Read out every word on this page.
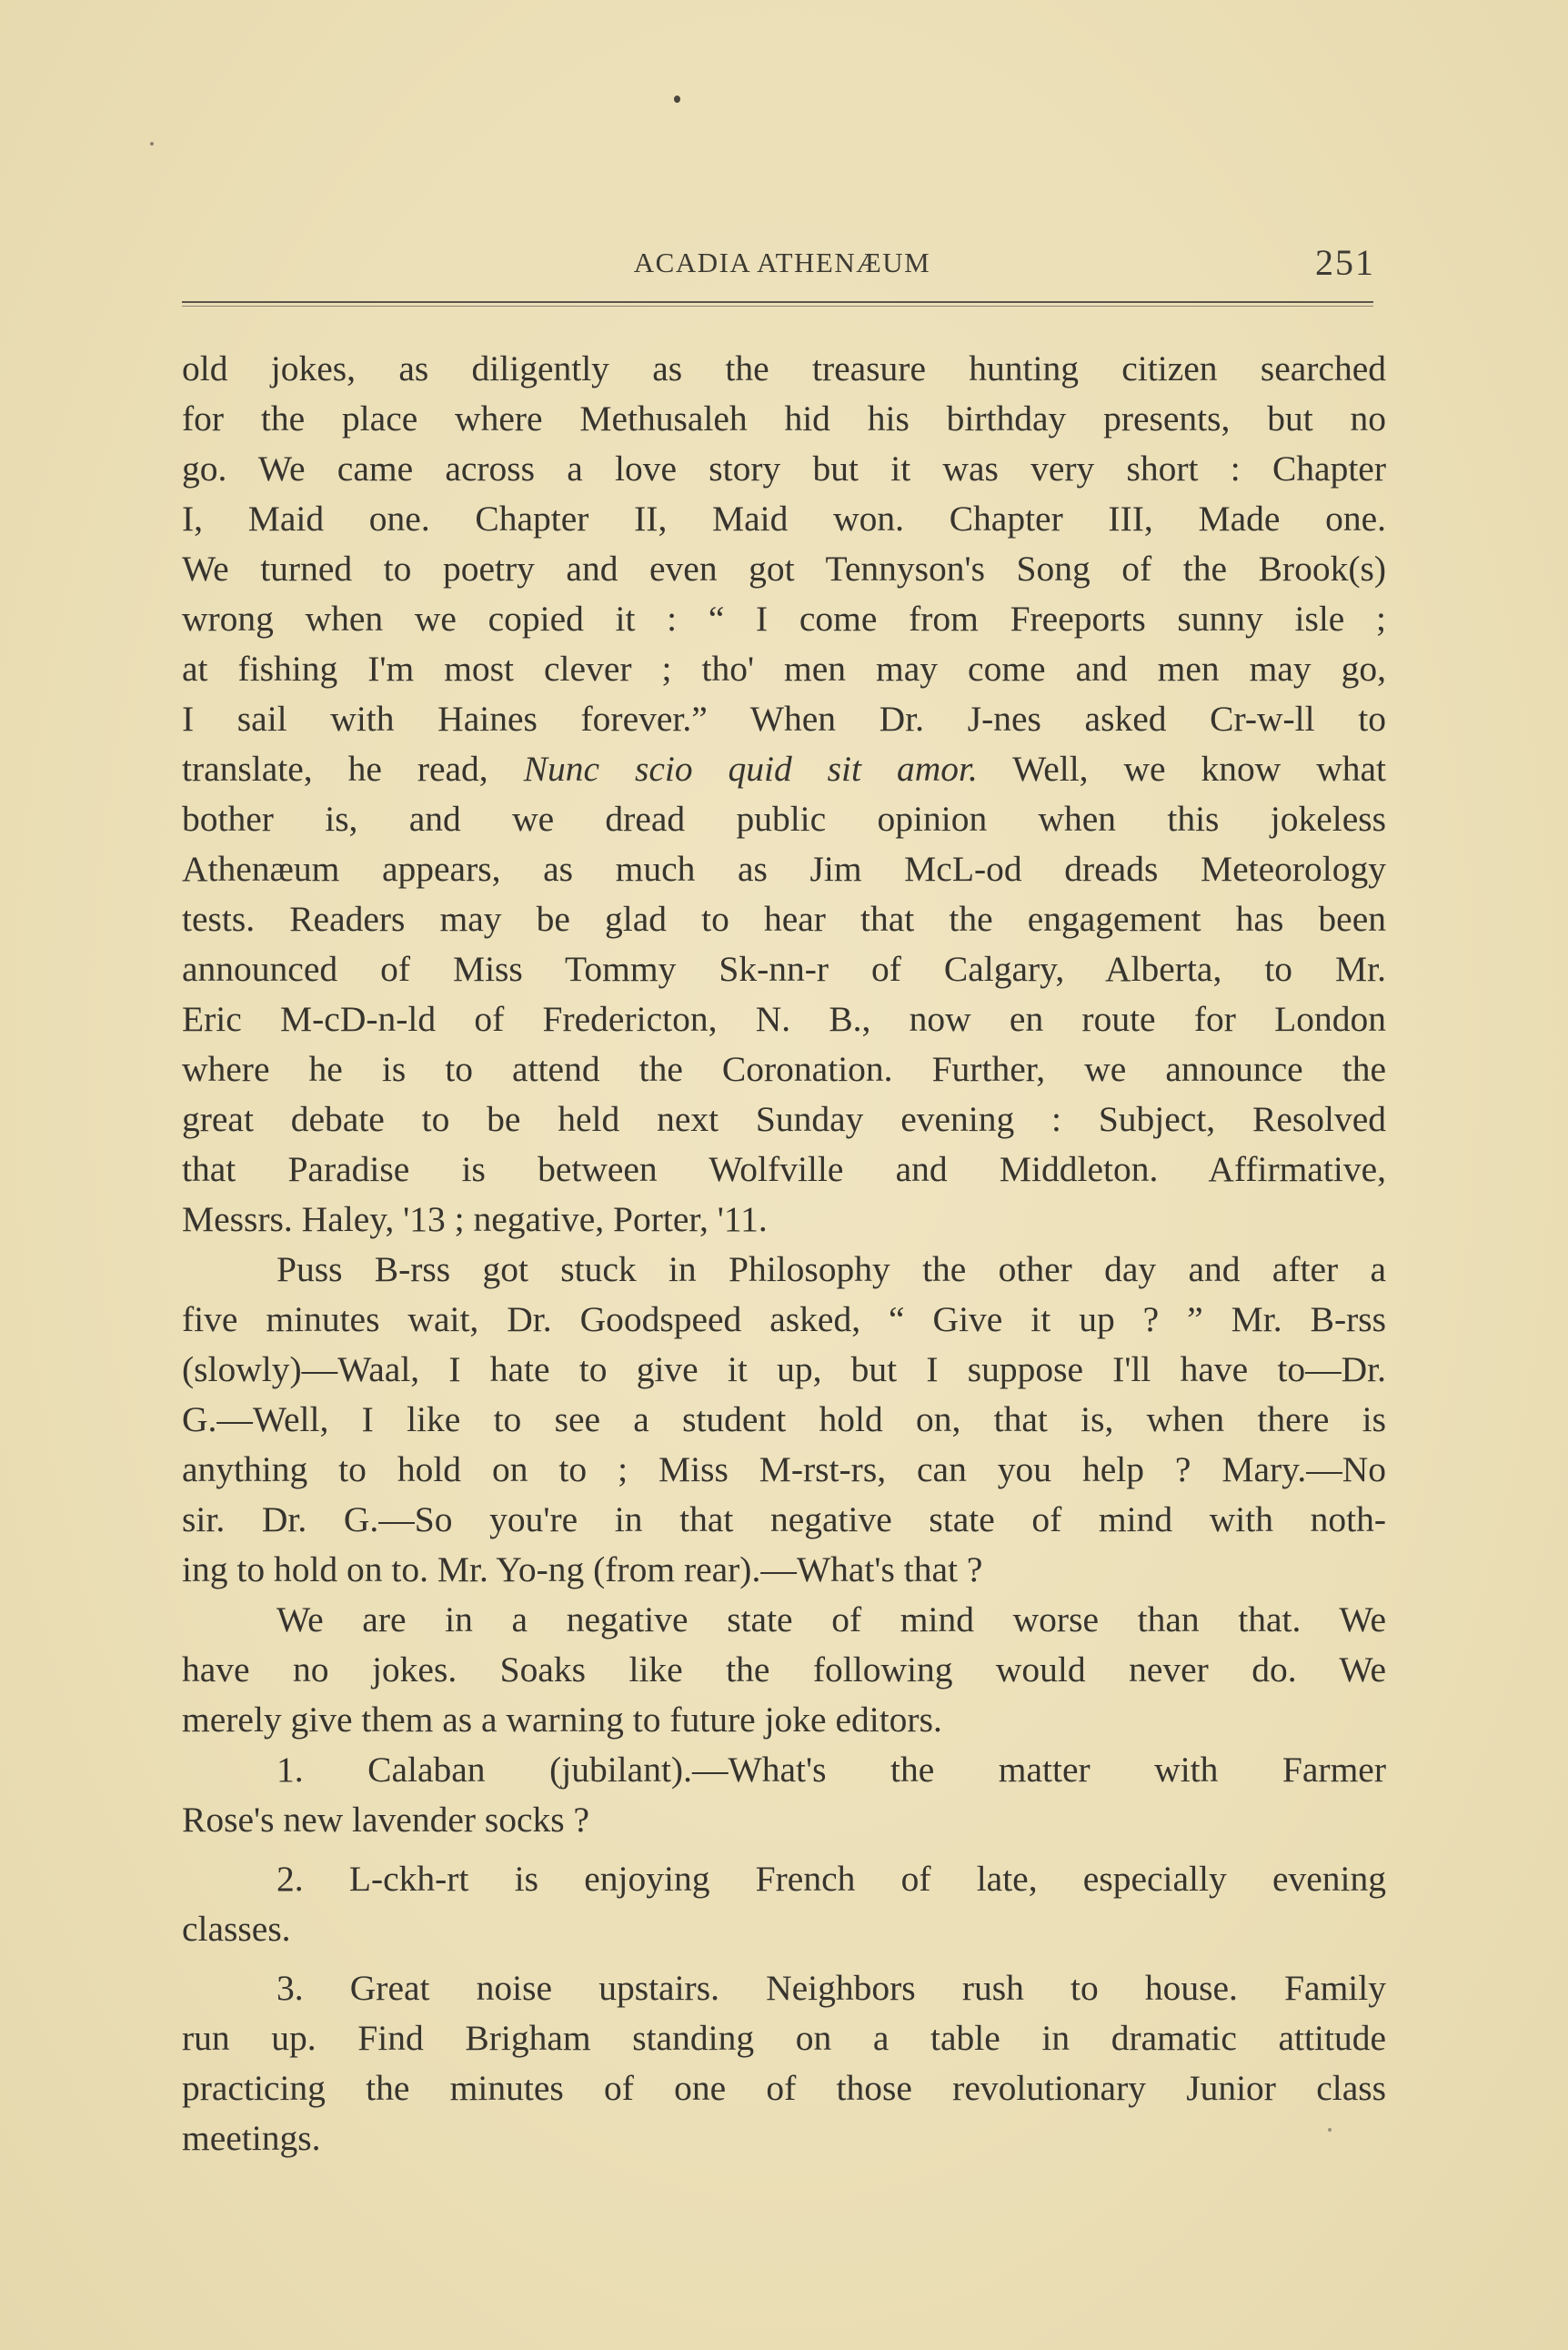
ACADIA ATHENÆUM	251
old jokes, as diligently as the treasure hunting citizen searched
for the place where Methusaleh hid his birthday presents, but no
go. We came across a love story but it was very short : Chapter
I, Maid one. Chapter II, Maid won. Chapter III, Made one.
We turned to poetry and even got Tennyson's Song of the Brook(s)
wrong when we copied it : “ I come from Freeports sunny isle ;
at fishing I'm most clever ; tho' men may come and men may go,
I sail with Haines forever.” When Dr. J-nes asked Cr-w-ll to
translate, he read, Nunc scio quid sit amor. Well, we know what
bother is, and we dread public opinion when this jokeless
Athenæum appears, as much as Jim McL-od dreads Meteorology
tests. Readers may be glad to hear that the engagement has been
announced of Miss Tommy Sk-nn-r of Calgary, Alberta, to Mr.
Eric M-cD-n-ld of Fredericton, N. B., now en route for London
where he is to attend the Coronation. Further, we announce the
great debate to be held next Sunday evening : Subject, Resolved
that Paradise is between Wolfville and Middleton. Affirmative,
Messrs. Haley, '13 ; negative, Porter, '11.
Puss B-rss got stuck in Philosophy the other day and after a
five minutes wait, Dr. Goodspeed asked, “ Give it up ? ” Mr. B-rss
(slowly)—Waal, I hate to give it up, but I suppose I'll have to—Dr.
G.—Well, I like to see a student hold on, that is, when there is
anything to hold on to ; Miss M-rst-rs, can you help ? Mary.—No
sir. Dr. G.—So you're in that negative state of mind with noth-
ing to hold on to. Mr. Yo-ng (from rear).—What's that ?
We are in a negative state of mind worse than that. We
have no jokes. Soaks like the following would never do. We
merely give them as a warning to future joke editors.
1. Calaban (jubilant).—What's the matter with Farmer
Rose's new lavender socks ?
2. L-ckh-rt is enjoying French of late, especially evening
classes.
3. Great noise upstairs. Neighbors rush to house. Family
run up. Find Brigham standing on a table in dramatic attitude
practicing the minutes of one of those revolutionary Junior class
meetings.
